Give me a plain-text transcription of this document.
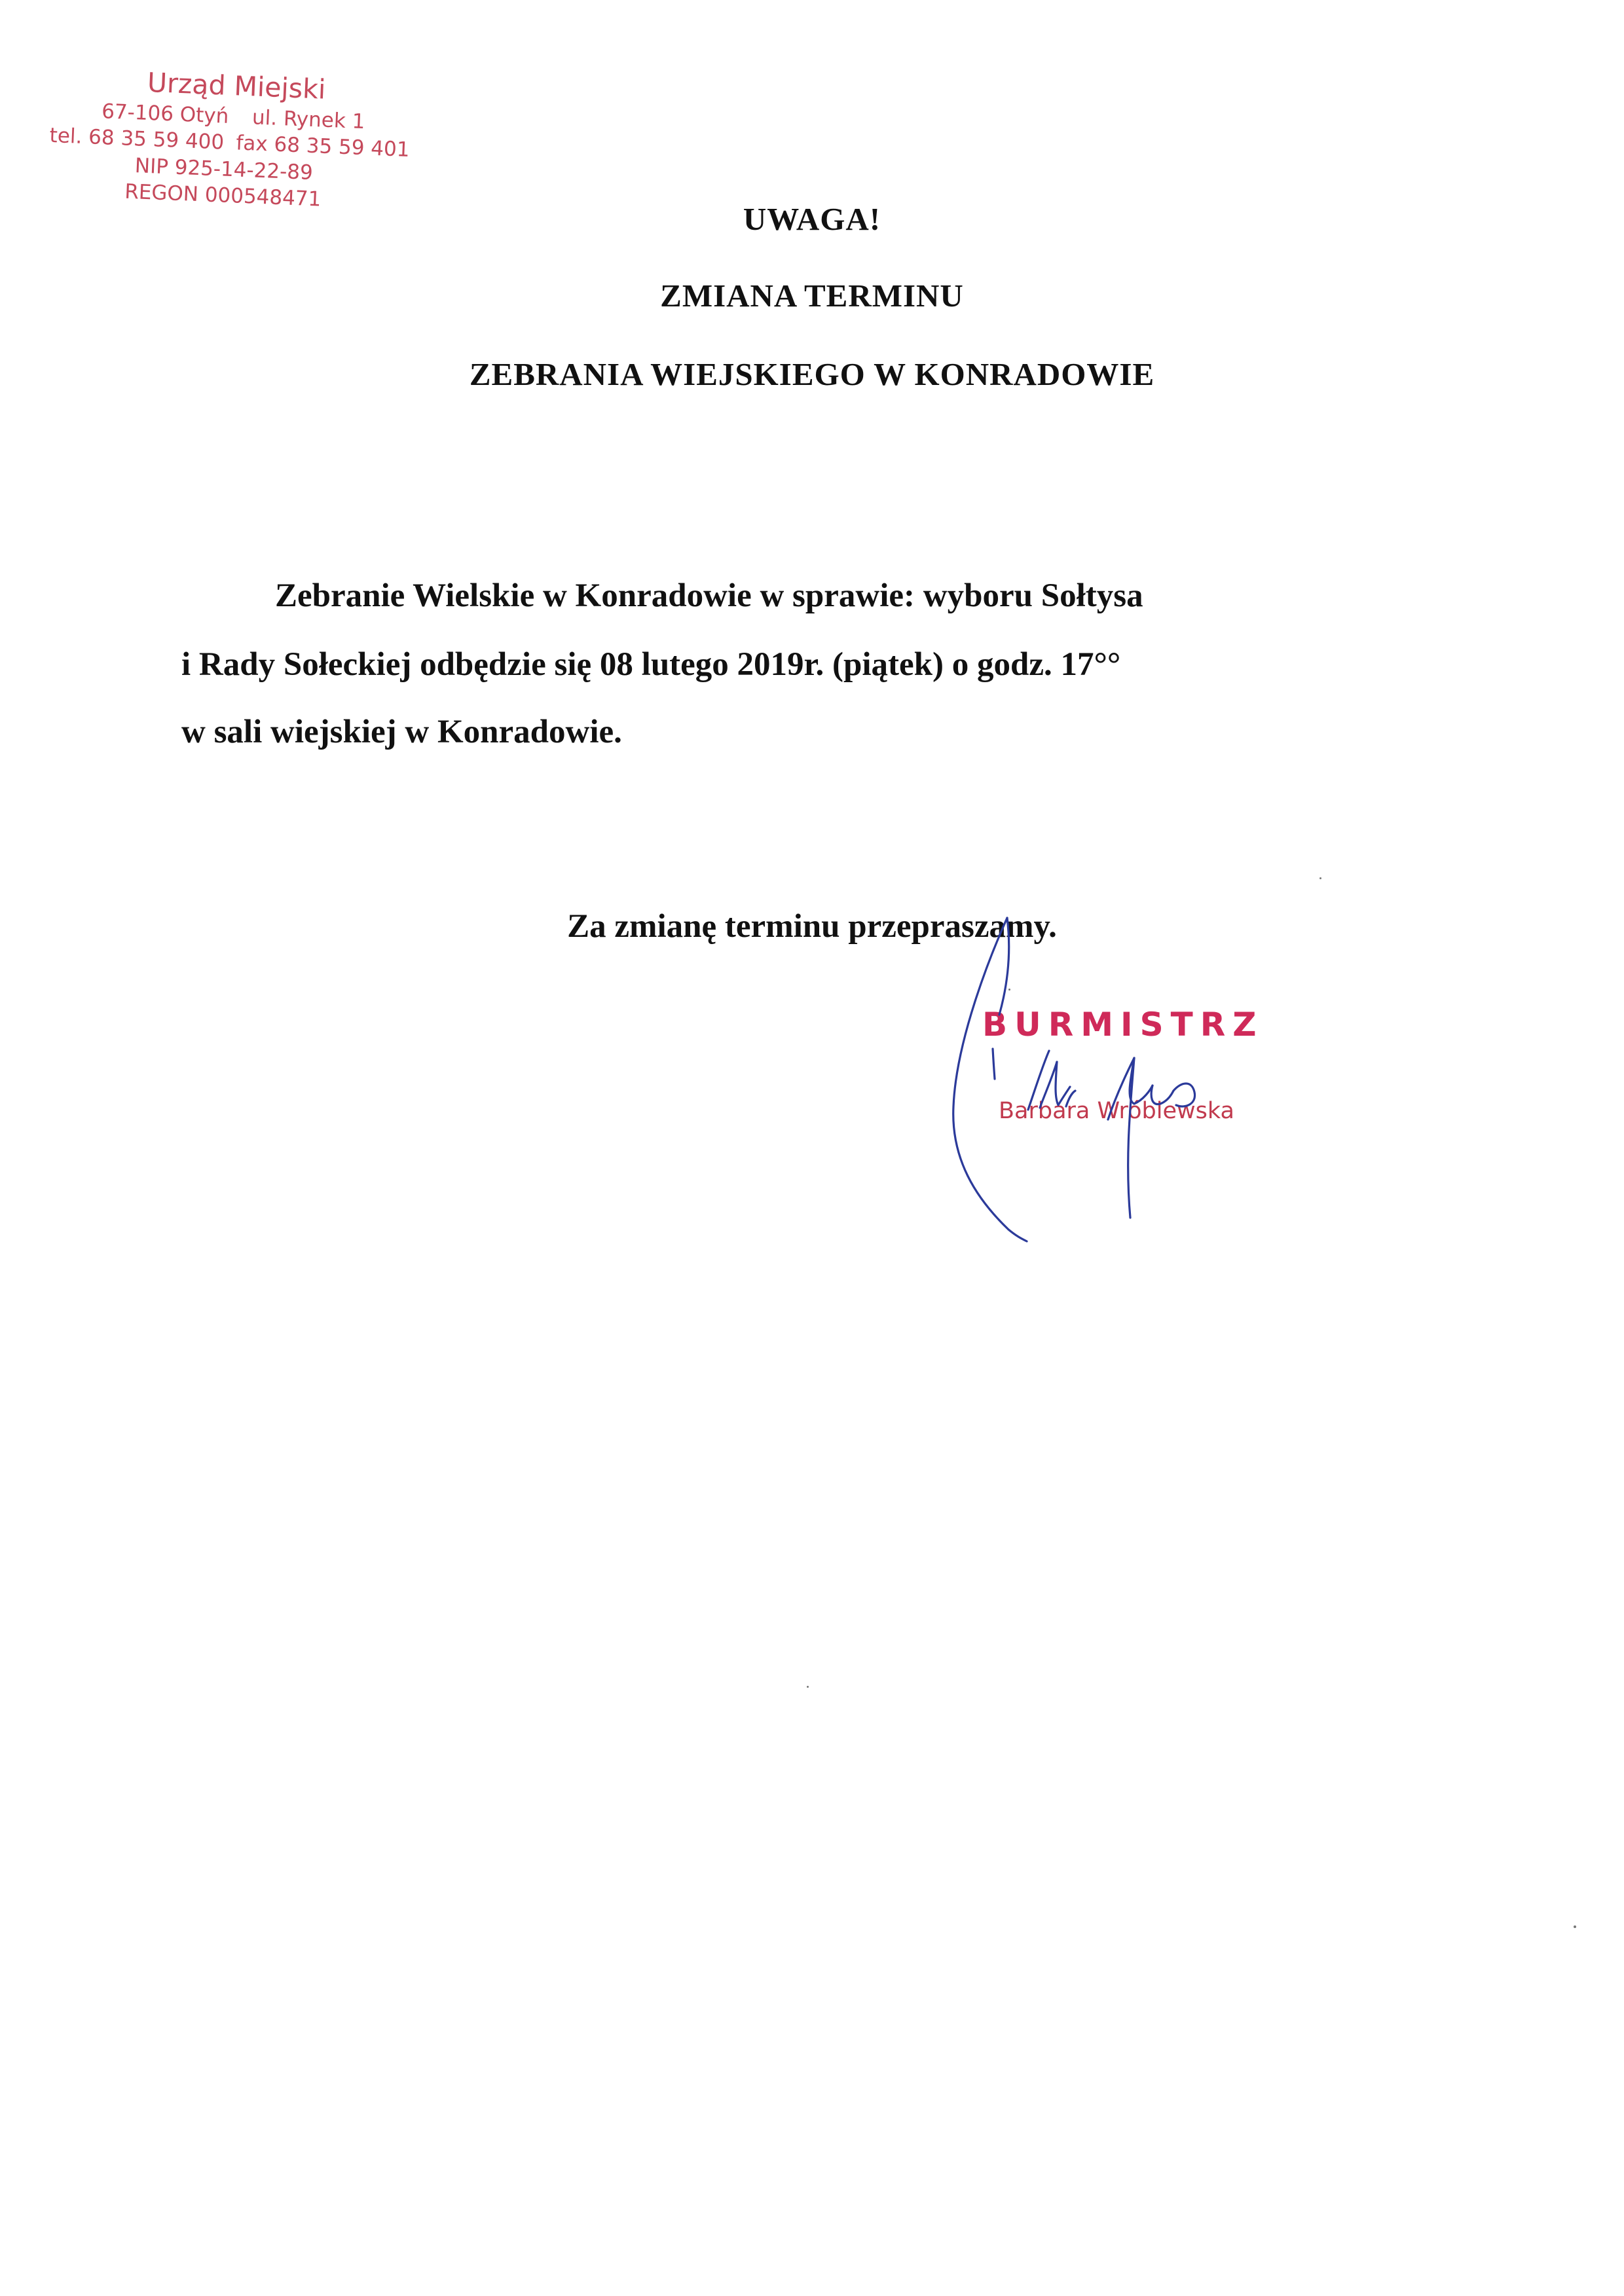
Urząd Miejski
67-106 Otyń ul. Rynek 1
tel. 68 35 59 400 fax 68 35 59 401
NIP 925-14-22-89
REGON 000548471
UWAGA!
ZMIANA TERMINU
ZEBRANIA WIEJSKIEGO W KONRADOWIE
Zebranie Wielskie w Konradowie w sprawie: wyboru Sołtysa
i Rady Sołeckiej odbędzie się 08 lutego 2019r. (piątek) o godz. 17°°
w sali wiejskiej w Konradowie.
Za zmianę terminu przepraszamy.
BURMISTRZ
Barbara Wróblewska
